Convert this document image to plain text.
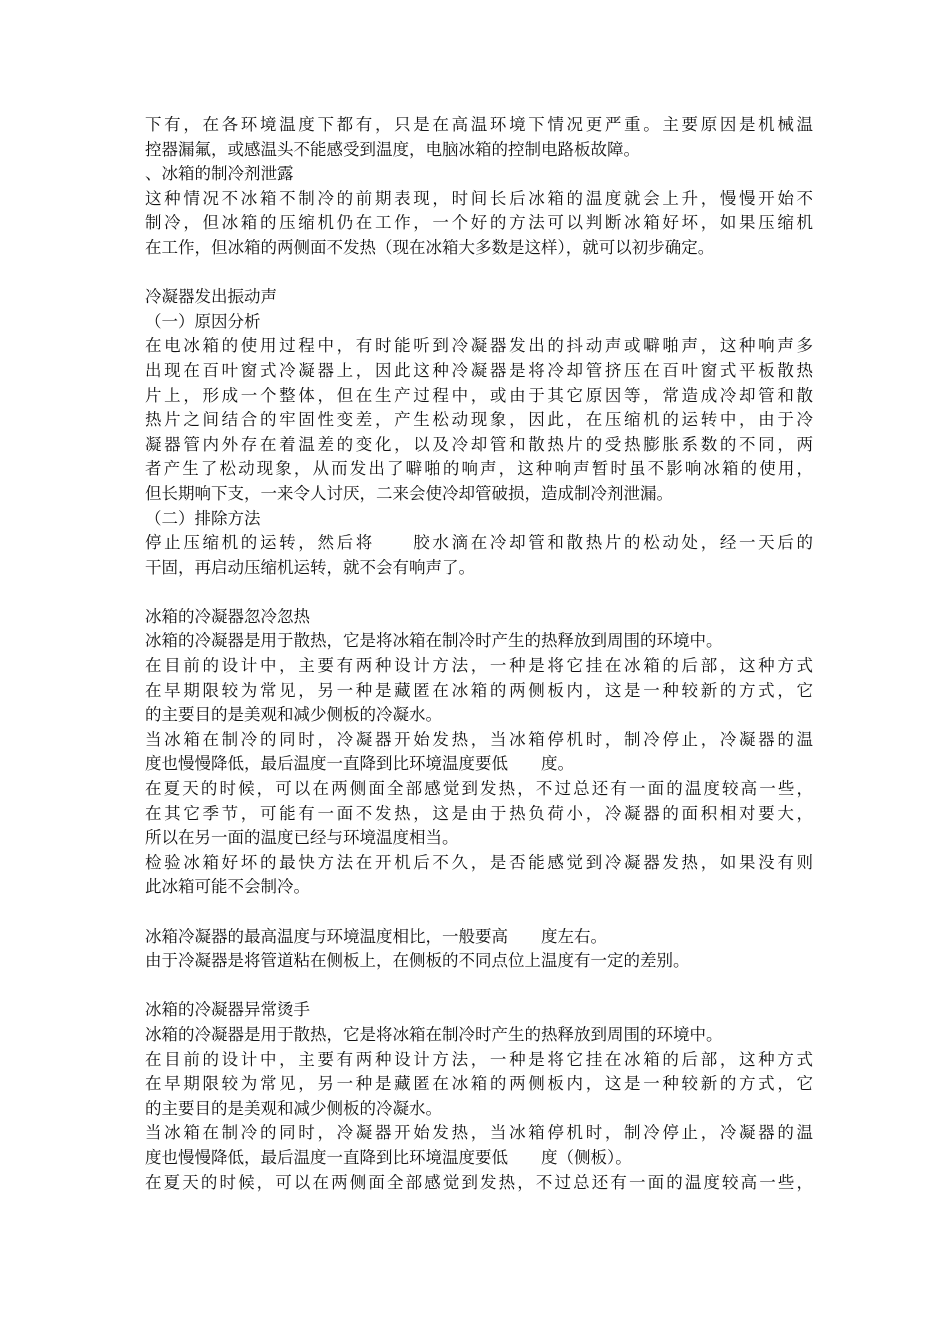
下有，在各环境温度下都有，只是在高温环境下情况更严重。主要原因是机械温
控器漏氟，或感温头不能感受到温度，电脑冰箱的控制电路板故障。
、冰箱的制冷剂泄露
这种情况不冰箱不制冷的前期表现，时间长后冰箱的温度就会上升，慢慢开始不
制冷，但冰箱的压缩机仍在工作，一个好的方法可以判断冰箱好坏，如果压缩机
在工作，但冰箱的两侧面不发热（现在冰箱大多数是这样），就可以初步确定。
冷凝器发出振动声
（一）原因分析
在电冰箱的使用过程中，有时能听到冷凝器发出的抖动声或噼啪声，这种响声多
出现在百叶窗式冷凝器上，因此这种冷凝器是将冷却管挤压在百叶窗式平板散热
片上，形成一个整体，但在生产过程中，或由于其它原因等，常造成冷却管和散
热片之间结合的牢固性变差，产生松动现象，因此，在压缩机的运转中，由于冷
凝器管内外存在着温差的变化，以及冷却管和散热片的受热膨胀系数的不同，两
者产生了松动现象，从而发出了噼啪的响声，这种响声暂时虽不影响冰箱的使用，
但长期响下支，一来令人讨厌，二来会使冷却管破损，造成制冷剂泄漏。
（二）排除方法
停止压缩机的运转，然后将　　胶水滴在冷却管和散热片的松动处，经一天后的
干固，再启动压缩机运转，就不会有响声了。
冰箱的冷凝器忽冷忽热
冰箱的冷凝器是用于散热，它是将冰箱在制冷时产生的热释放到周围的环境中。
在目前的设计中，主要有两种设计方法，一种是将它挂在冰箱的后部，这种方式
在早期限较为常见，另一种是藏匿在冰箱的两侧板内，这是一种较新的方式，它
的主要目的是美观和减少侧板的冷凝水。
当冰箱在制冷的同时，冷凝器开始发热，当冰箱停机时，制冷停止，冷凝器的温
度也慢慢降低，最后温度一直降到比环境温度要低　　度。
在夏天的时候，可以在两侧面全部感觉到发热，不过总还有一面的温度较高一些，
在其它季节，可能有一面不发热，这是由于热负荷小，冷凝器的面积相对要大，
所以在另一面的温度已经与环境温度相当。
检验冰箱好坏的最快方法在开机后不久，是否能感觉到冷凝器发热，如果没有则
此冰箱可能不会制冷。
冰箱冷凝器的最高温度与环境温度相比，一般要高　　度左右。
由于冷凝器是将管道粘在侧板上，在侧板的不同点位上温度有一定的差别。
冰箱的冷凝器异常烫手
冰箱的冷凝器是用于散热，它是将冰箱在制冷时产生的热释放到周围的环境中。
在目前的设计中，主要有两种设计方法，一种是将它挂在冰箱的后部，这种方式
在早期限较为常见，另一种是藏匿在冰箱的两侧板内，这是一种较新的方式，它
的主要目的是美观和减少侧板的冷凝水。
当冰箱在制冷的同时，冷凝器开始发热，当冰箱停机时，制冷停止，冷凝器的温
度也慢慢降低，最后温度一直降到比环境温度要低　　度（侧板）。
在夏天的时候，可以在两侧面全部感觉到发热，不过总还有一面的温度较高一些，
